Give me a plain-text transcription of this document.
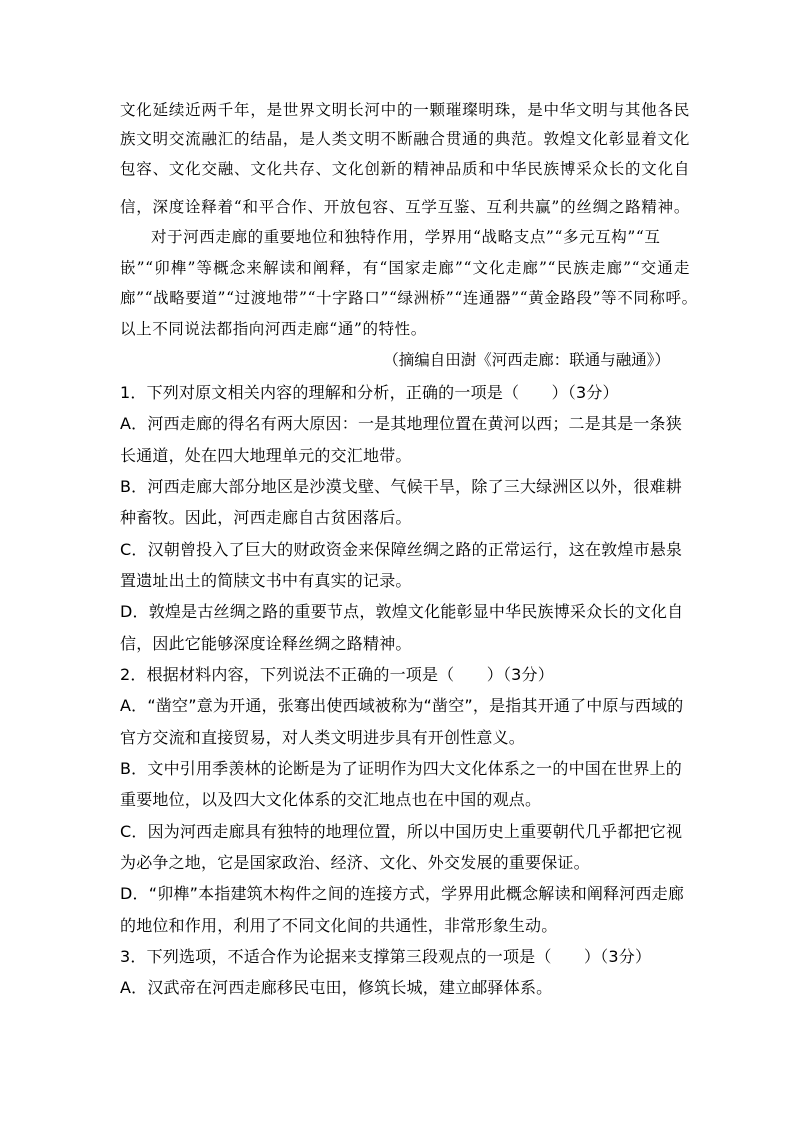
文化延续近两千年，是世界文明长河中的一颗璀璨明珠，是中华文明与其他各民
族文明交流融汇的结晶，是人类文明不断融合贯通的典范。敦煌文化彰显着文化
包容、文化交融、文化共存、文化创新的精神品质和中华民族博采众长的文化自
信，深度诠释着“和平合作、开放包容、互学互鉴、互利共赢”的丝绸之路精神。
对于河西走廊的重要地位和独特作用，学界用“战略支点”“多元互构”“互
嵌”“卯榫”等概念来解读和阐释，有“国家走廊”“文化走廊”“民族走廊”“交通走
廊”“战略要道”“过渡地带”“十字路口”“绿洲桥”“连通器”“黄金路段”等不同称呼。
以上不同说法都指向河西走廊“通”的特性。
（摘编自田澍《河西走廊：联通与融通》）
1．下列对原文相关内容的理解和分析，正确的一项是（　　）（3分）
A．河西走廊的得名有两大原因：一是其地理位置在黄河以西；二是其是一条狭
长通道，处在四大地理单元的交汇地带。
B．河西走廊大部分地区是沙漠戈壁、气候干旱，除了三大绿洲区以外，很难耕
种畜牧。因此，河西走廊自古贫困落后。
C．汉朝曾投入了巨大的财政资金来保障丝绸之路的正常运行，这在敦煌市悬泉
置遗址出土的简牍文书中有真实的记录。
D．敦煌是古丝绸之路的重要节点，敦煌文化能彰显中华民族博采众长的文化自
信，因此它能够深度诠释丝绸之路精神。
2．根据材料内容，下列说法不正确的一项是（　　）（3分）
A．“凿空”意为开通，张骞出使西域被称为“凿空”，是指其开通了中原与西域的
官方交流和直接贸易，对人类文明进步具有开创性意义。
B．文中引用季羡林的论断是为了证明作为四大文化体系之一的中国在世界上的
重要地位，以及四大文化体系的交汇地点也在中国的观点。
C．因为河西走廊具有独特的地理位置，所以中国历史上重要朝代几乎都把它视
为必争之地，它是国家政治、经济、文化、外交发展的重要保证。
D．“卯榫”本指建筑木构件之间的连接方式，学界用此概念解读和阐释河西走廊
的地位和作用，利用了不同文化间的共通性，非常形象生动。
3．下列选项，不适合作为论据来支撑第三段观点的一项是（　　）（3分）
A．汉武帝在河西走廊移民屯田，修筑长城，建立邮驿体系。
